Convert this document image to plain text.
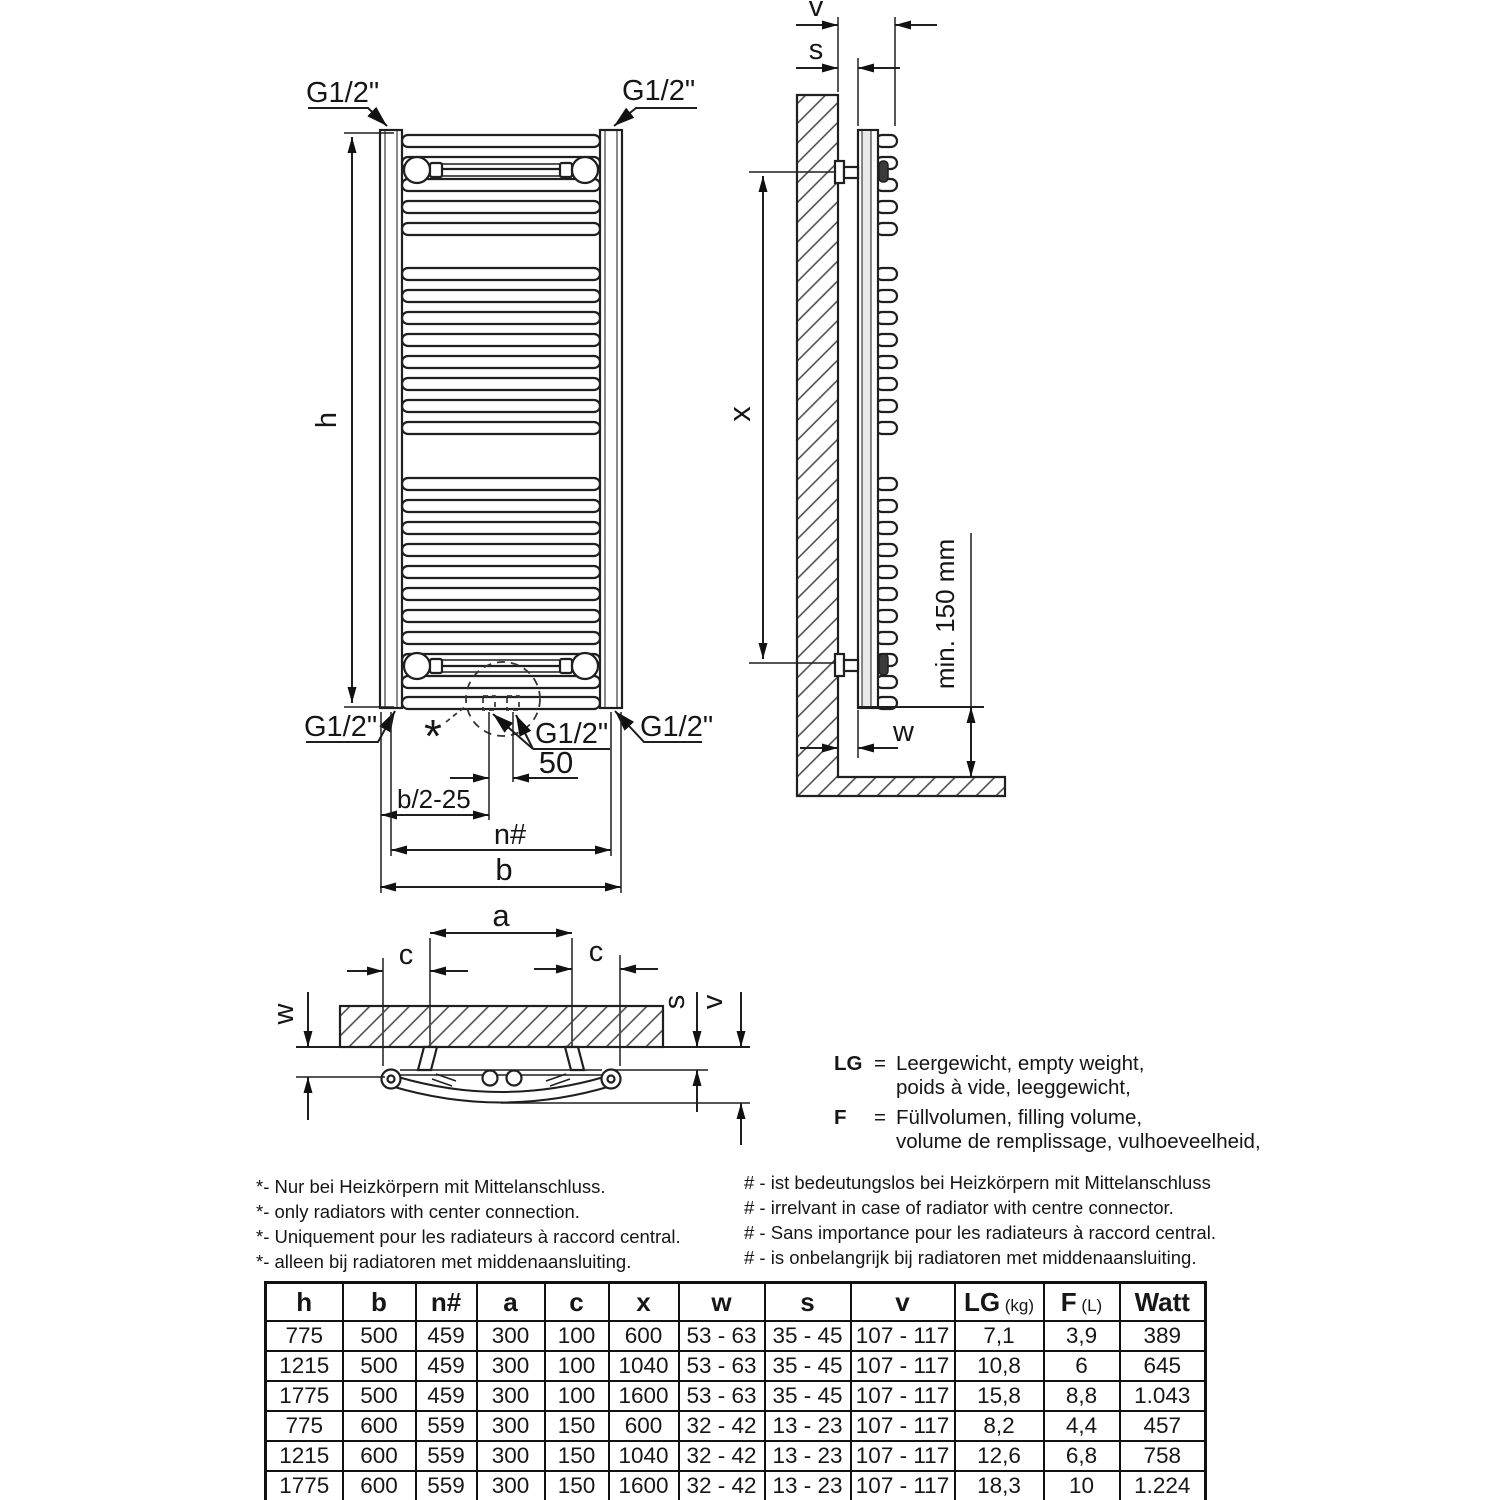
*
G1/2"	G1/2"
G1/2"	G1/2"
G1/2"
h
50
b/2-25
n#
b
a
c	c
w
s v
v
s
x
min. 150 mm
w
LG = Leergewicht, empty weight,
poids à vide, leeggewicht,
F	= Füllvolumen, filling volume,
volume de remplissage, vulhoeveelheid,
*- Nur bei Heizkörpern mit Mittelanschluss.
*- only radiators with center connection.
*- Uniquement pour les radiateurs à raccord central.
*- alleen bij radiatoren met middenaansluiting.
# - ist bedeutungslos bei Heizkörpern mit Mittelanschluss
# - irrelvant in case of radiator with centre connector.
# - Sans importance pour les radiateurs à raccord central.
# - is onbelangrijk bij radiatoren met middenaansluiting.
h	b	n#	a	c	x	w	s	v	LG (kg)	F (L)	Watt
775	500	459	300	100	600	53 - 63	35 - 45	107 - 117	7,1	3,9	389
1215	500	459	300	100	1040	53 - 63	35 - 45	107 - 117	10,8	6	645
1775	500	459	300	100	1600	53 - 63	35 - 45	107 - 117	15,8	8,8	1.043
775	600	559	300	150	600	32 - 42	13 - 23	107 - 117	8,2	4,4	457
1215	600	559	300	150	1040	32 - 42	13 - 23	107 - 117	12,6	6,8	758
1775	600	559	300	150	1600	32 - 42	13 - 23	107 - 117	18,3	10	1.224
